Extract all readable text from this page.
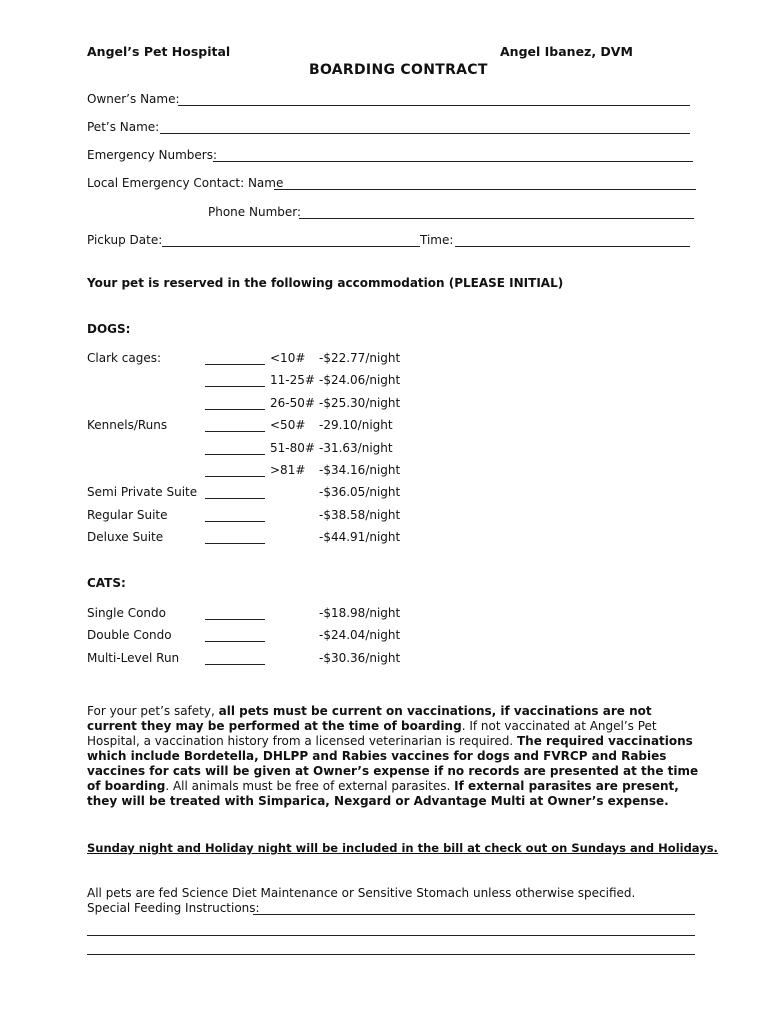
Angel’s Pet Hospital	Angel Ibanez, DVM
BOARDING CONTRACT
Owner’s Name:
Pet’s Name:
Emergency Numbers:
Local Emergency Contact: Name
Phone Number:
Pickup Date:	Time:
Your pet is reserved in the following accommodation (PLEASE INITIAL)
DOGS:
Clark cages:	<10# -$22.77/night
11-25# -$24.06/night
26-50# -$25.30/night
Kennels/Runs	<50# -29.10/night
51-80# -31.63/night
>81# -$34.16/night
Semi Private Suite	-$36.05/night
Regular Suite	-$38.58/night
Deluxe Suite	-$44.91/night
CATS:
Single Condo	-$18.98/night
Double Condo	-$24.04/night
Multi-Level Run	-$30.36/night
For your pet’s safety, all pets must be current on vaccinations, if vaccinations are not current they may be performed at the time of boarding. If not vaccinated at Angel’s Pet Hospital, a vaccination history from a licensed veterinarian is required. The required vaccinations which include Bordetella, DHLPP and Rabies vaccines for dogs and FVRCP and Rabies vaccines for cats will be given at Owner’s expense if no records are presented at the time of boarding. All animals must be free of external parasites. If external parasites are present, they will be treated with Simparica, Nexgard or Advantage Multi at Owner’s expense.
Sunday night and Holiday night will be included in the bill at check out on Sundays and Holidays.
All pets are fed Science Diet Maintenance or Sensitive Stomach unless otherwise specified.
Special Feeding Instructions:
